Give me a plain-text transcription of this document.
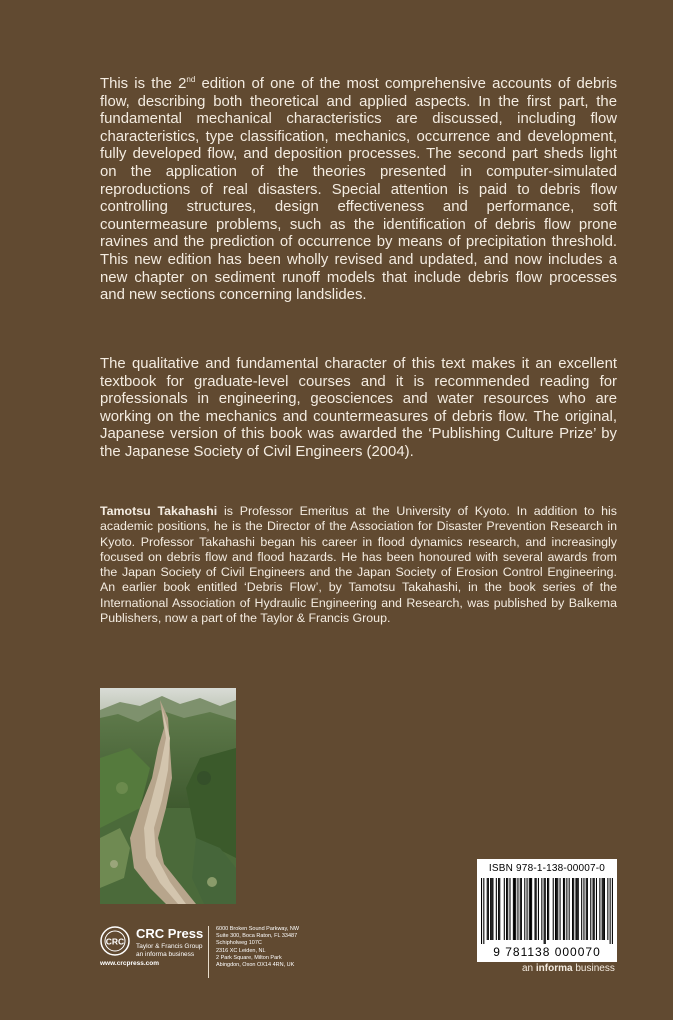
This is the 2nd edition of one of the most comprehensive accounts of debris flow, describing both theoretical and applied aspects. In the first part, the fundamental mechanical characteristics are discussed, including flow characteristics, type classification, mechanics, occurrence and development, fully developed flow, and deposition processes. The second part sheds light on the application of the theories presented in computer-simulated reproductions of real disasters. Special attention is paid to debris flow controlling structures, design effectiveness and performance, soft countermeasure problems, such as the identification of debris flow prone ravines and the prediction of occurrence by means of precipitation threshold. This new edition has been wholly revised and updated, and now includes a new chapter on sediment runoff models that include debris flow processes and new sections concerning landslides.

The qualitative and fundamental character of this text makes it an excellent textbook for graduate-level courses and it is recommended reading for professionals in engineering, geosciences and water resources who are working on the mechanics and countermeasures of debris flow. The original, Japanese version of this book was awarded the ‘Publishing Culture Prize’ by the Japanese Society of Civil Engineers (2004).

Tamotsu Takahashi is Professor Emeritus at the University of Kyoto. In addition to his academic positions, he is the Director of the Association for Disaster Prevention Research in Kyoto. Professor Takahashi began his career in flood dynamics research, and increasingly focused on debris flow and flood hazards. He has been honoured with several awards from the Japan Society of Civil Engineers and the Japan Society of Erosion Control Engineering. An earlier book entitled ‘Debris Flow’, by Tamotsu Takahashi, in the book series of the International Association of Hydraulic Engineering and Research, was published by Balkema Publishers, now a part of the Taylor & Francis Group.

CRC
CRC Press
Taylor & Francis Group
an informa business
www.crcpress.com
6000 Broken Sound Parkway, NW
Suite 300, Boca Raton, FL 33487
Schipholweg 107C
2316 XC Leiden, NL
2 Park Square, Milton Park
Abingdon, Oxon OX14 4RN, UK
ISBN 978-1-138-00007-0
9 781138 000070
an informa business
